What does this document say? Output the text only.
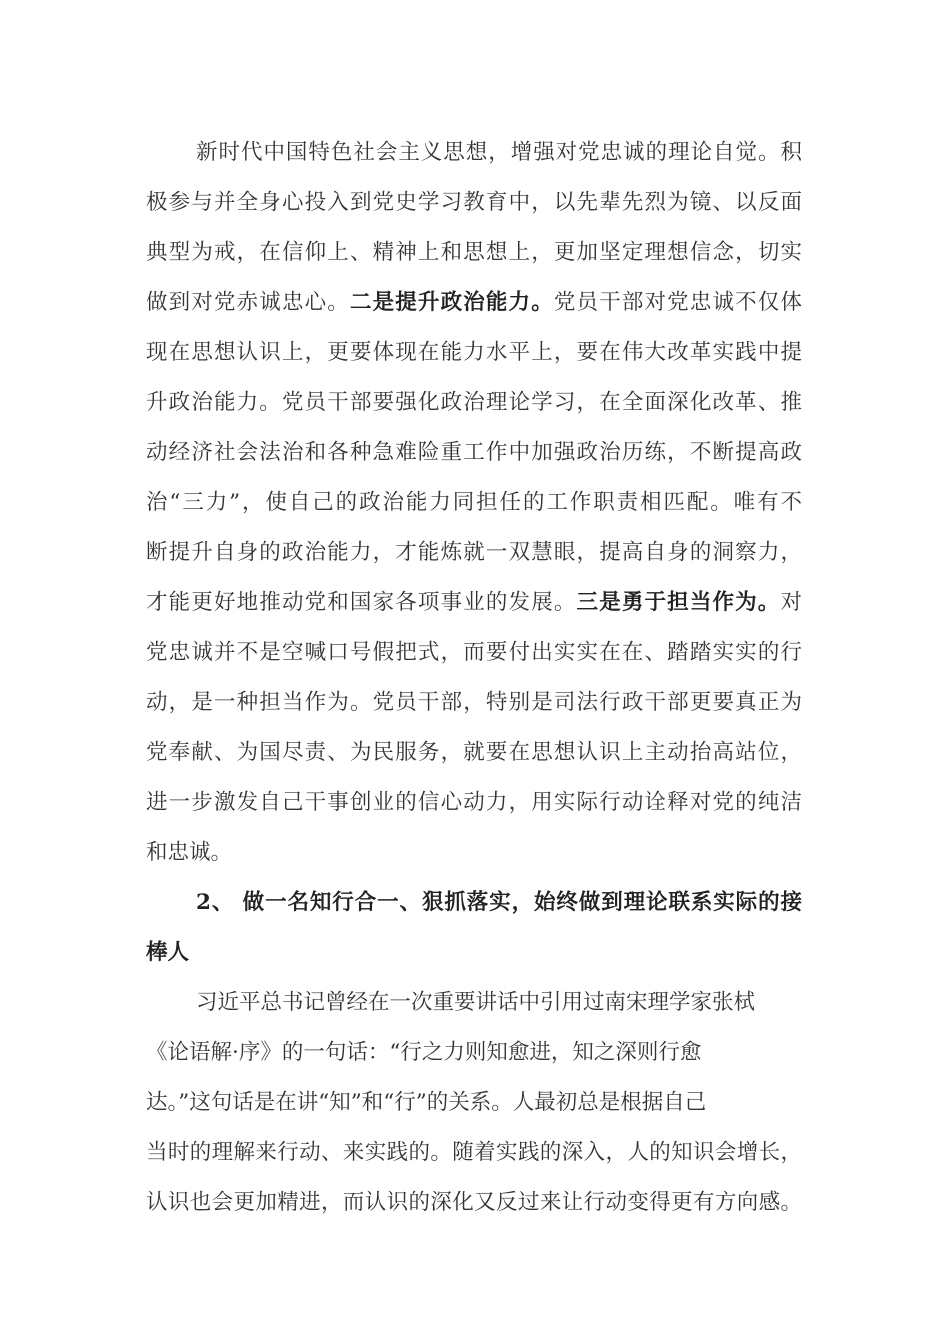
新时代中国特色社会主义思想，增强对党忠诚的理论自觉。积
极参与并全身心投入到党史学习教育中，以先辈先烈为镜、以反面
典型为戒，在信仰上、精神上和思想上，更加坚定理想信念，切实
做到对党赤诚忠心。二是提升政治能力。党员干部对党忠诚不仅体
现在思想认识上，更要体现在能力水平上，要在伟大改革实践中提
升政治能力。党员干部要强化政治理论学习，在全面深化改革、推
动经济社会法治和各种急难险重工作中加强政治历练，不断提高政
治“三力”，使自己的政治能力同担任的工作职责相匹配。唯有不
断提升自身的政治能力，才能炼就一双慧眼，提高自身的洞察力，
才能更好地推动党和国家各项事业的发展。三是勇于担当作为。对
党忠诚并不是空喊口号假把式，而要付出实实在在、踏踏实实的行
动，是一种担当作为。党员干部，特别是司法行政干部更要真正为
党奉献、为国尽责、为民服务，就要在思想认识上主动抬高站位，
进一步激发自己干事创业的信心动力，用实际行动诠释对党的纯洁
和忠诚。
2、 做一名知行合一、狠抓落实，始终做到理论联系实际的接
棒人
习近平总书记曾经在一次重要讲话中引用过南宋理学家张栻
《论语解·序》的一句话：“行之力则知愈进，知之深则行愈
达。”这句话是在讲“知”和“行”的关系。人最初总是根据自己
当时的理解来行动、来实践的。随着实践的深入，人的知识会增长，
认识也会更加精进，而认识的深化又反过来让行动变得更有方向感。
